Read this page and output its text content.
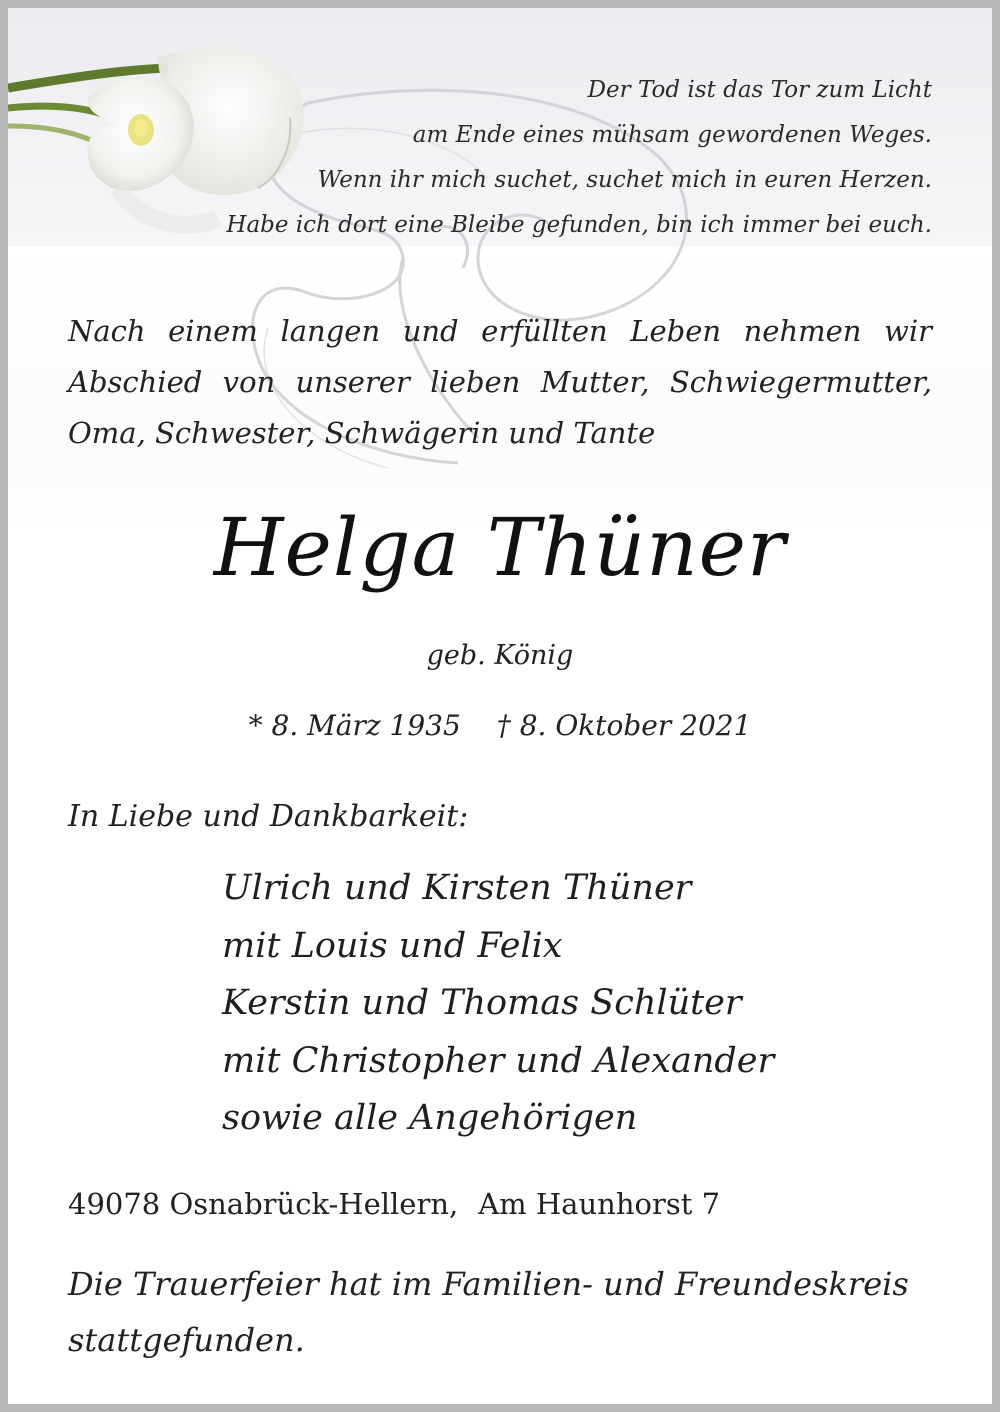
Der Tod ist das Tor zum Licht
am Ende eines mühsam gewordenen Weges.
Wenn ihr mich suchet, suchet mich in euren Herzen.
Habe ich dort eine Bleibe gefunden, bin ich immer bei euch.
Nach einem langen und erfüllten Leben nehmen wir
Abschied von unserer lieben Mutter, Schwiegermutter,
Oma, Schwester, Schwägerin und Tante
Helga Thüner
geb. König
* 8. März 1935 † 8. Oktober 2021
In Liebe und Dankbarkeit:
Ulrich und Kirsten Thüner
mit Louis und Felix
Kerstin und Thomas Schlüter
mit Christopher und Alexander
sowie alle Angehörigen
49078 Osnabrück-Hellern, Am Haunhorst 7
Die Trauerfeier hat im Familien- und Freundeskreis stattgefunden.
